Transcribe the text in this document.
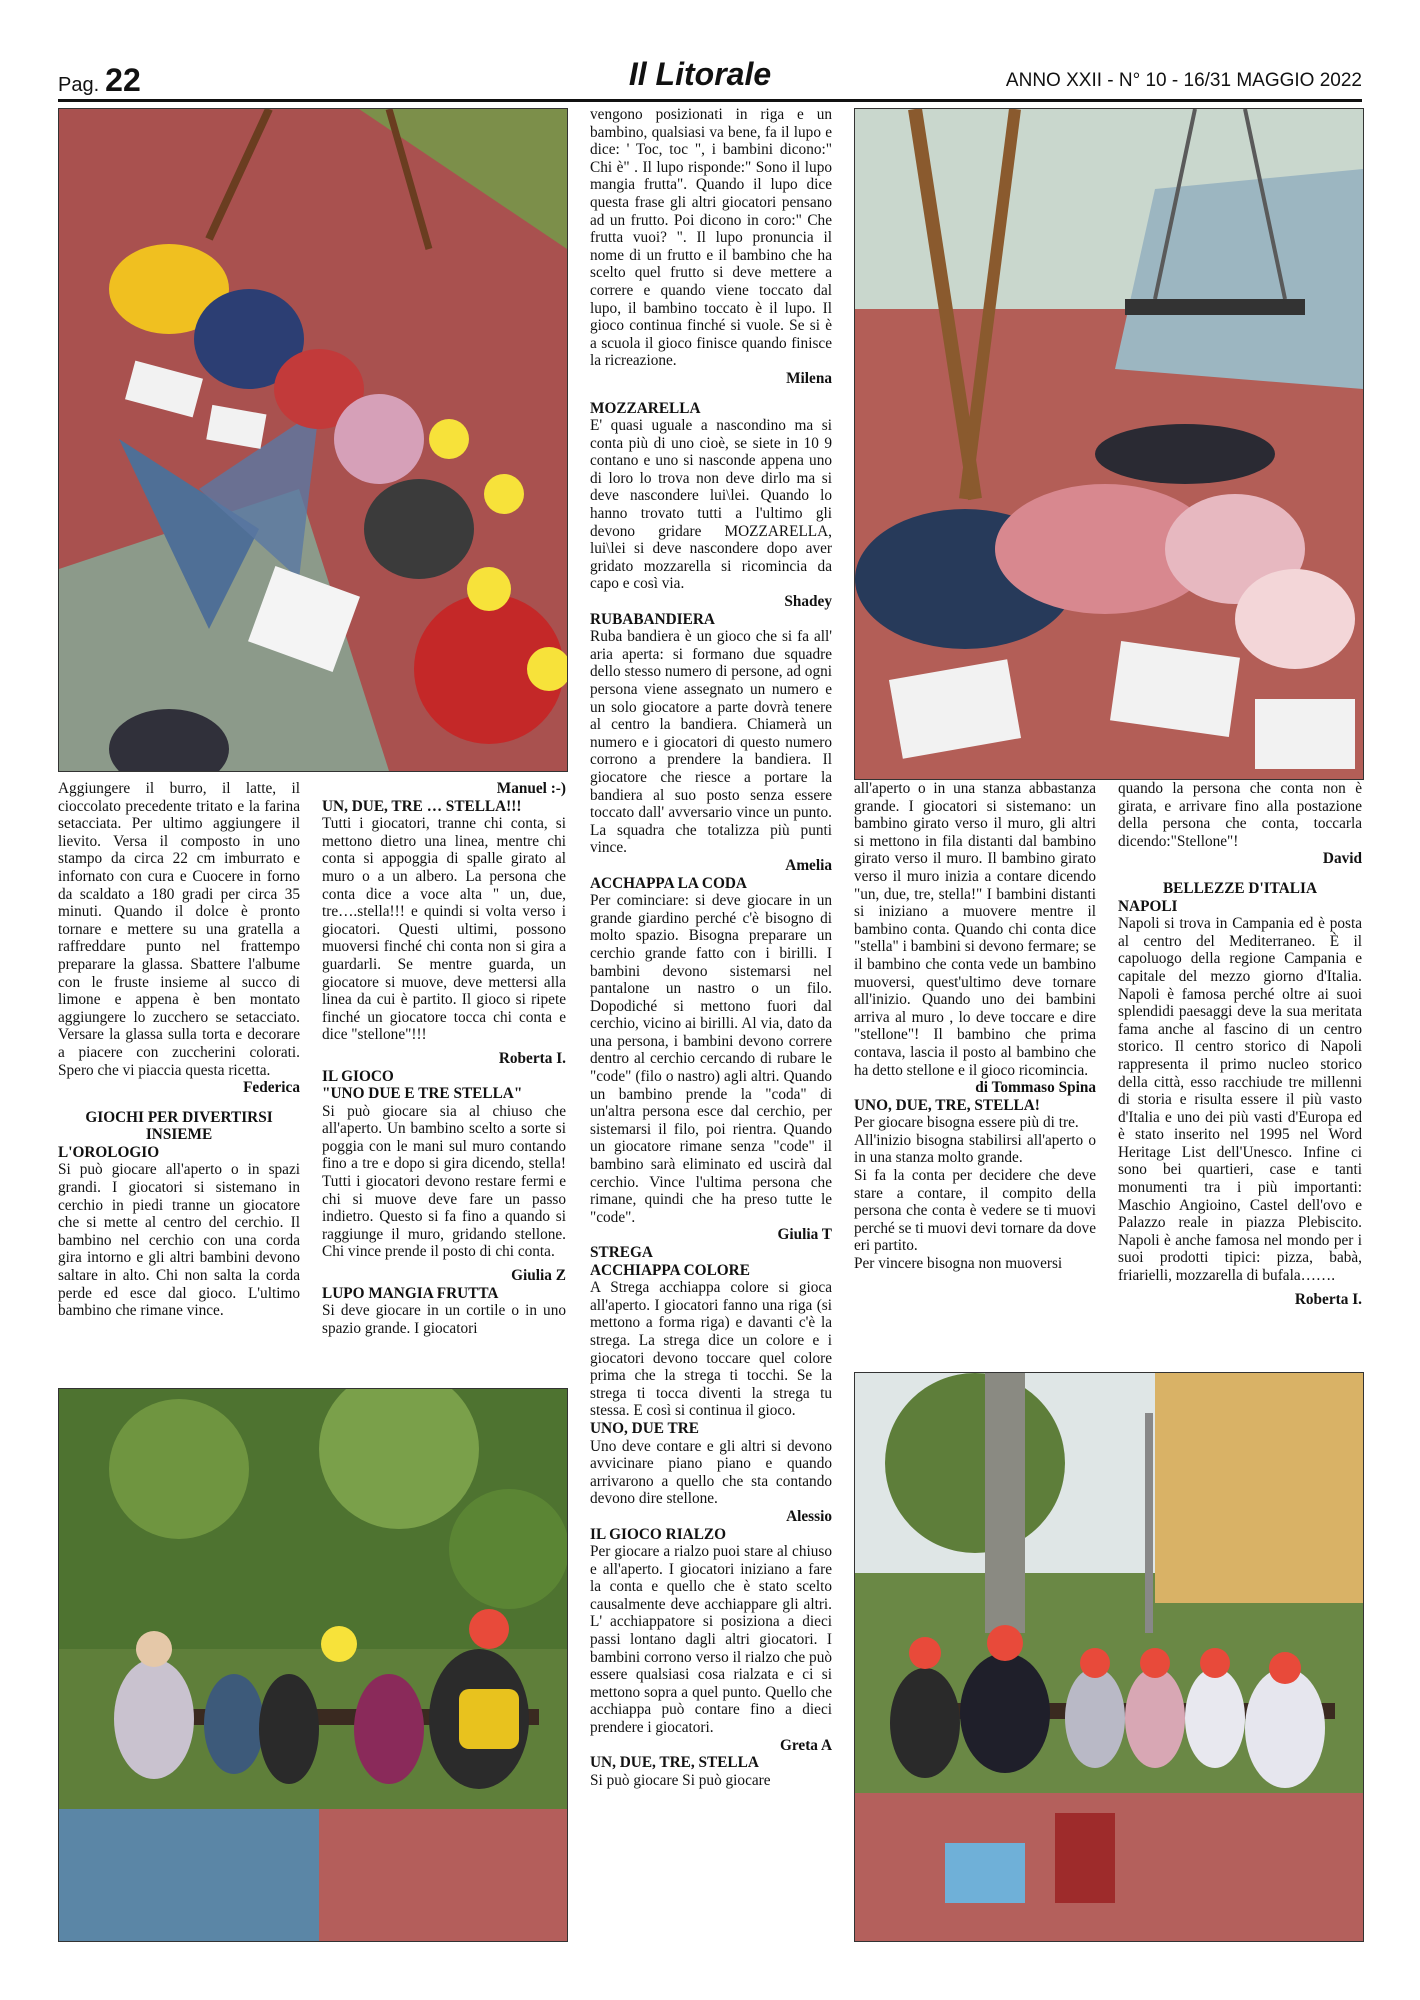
Pag. 22	Il Litorale	ANNO XXII - N° 10 - 16/31 MAGGIO 2022

Aggiungere il burro, il latte, il cioccolato precedente tritato e la farina setacciata. Per ultimo aggiungere il lievito. Versa il composto in uno stampo da circa 22 cm imburrato e infornato con cura e Cuocere in forno da scaldato a 180 gradi per circa 35 minuti. Quando il dolce è pronto tornare e mettere su una gratella a raffreddare punto nel frattempo preparare la glassa. Sbattere l'albume con le fruste insieme al succo di limone e appena è ben montato aggiungere lo zucchero se setacciato. Versare la glassa sulla torta e decorare a piacere con zuccherini colorati. Spero che vi piaccia questa ricetta.

Federica

GIOCHI PER DIVERTIRSI INSIEME

L'OROLOGIO

Si può giocare all'aperto o in spazi grandi. I giocatori si sistemano in cerchio in piedi tranne un giocatore che si mette al centro del cerchio. Il bambino nel cerchio con una corda gira intorno e gli altri bambini devono saltare in alto. Chi non salta la corda perde ed esce dal gioco. L'ultimo bambino che rimane vince.

Manuel :-)

UN, DUE, TRE … STELLA!!!

Tutti i giocatori, tranne chi conta, si mettono dietro una linea, mentre chi conta si appoggia di spalle girato al muro o a un albero. La persona che conta dice a voce alta " un, due, tre….stella!!! e quindi si volta verso i giocatori. Questi ultimi, possono muoversi finché chi conta non si gira a guardarli. Se mentre guarda, un giocatore si muove, deve mettersi alla linea da cui è partito. Il gioco si ripete finché un giocatore tocca chi conta e dice "stellone"!!!

Roberta I.

IL GIOCO

"UNO DUE E TRE STELLA"

Si può giocare sia al chiuso che all'aperto. Un bambino scelto a sorte si poggia con le mani sul muro contando fino a tre e dopo si gira dicendo, stella! Tutti i giocatori devono restare fermi e chi si muove deve fare un passo indietro. Questo si fa fino a quando si raggiunge il muro, gridando stellone. Chi vince prende il posto di chi conta.

Giulia Z

LUPO MANGIA FRUTTA

Si deve giocare in un cortile o in uno spazio grande. I giocatori

vengono posizionati in riga e un bambino, qualsiasi va bene, fa il lupo e dice: ' Toc, toc ", i bambini dicono:" Chi è" . Il lupo risponde:" Sono il lupo mangia frutta". Quando il lupo dice questa frase gli altri giocatori pensano ad un frutto. Poi dicono in coro:" Che frutta vuoi? ". Il lupo pronuncia il nome di un frutto e il bambino che ha scelto quel frutto si deve mettere a correre e quando viene toccato dal lupo, il bambino toccato è il lupo. Il gioco continua finché si vuole. Se si è a scuola il gioco finisce quando finisce la ricreazione.

Milena

MOZZARELLA

E' quasi uguale a nascondino ma si conta più di uno cioè, se siete in 10 9 contano e uno si nasconde appena uno di loro lo trova non deve dirlo ma si deve nascondere lui\lei. Quando lo hanno trovato tutti a l'ultimo gli devono gridare MOZZARELLA, lui\lei si deve nascondere dopo aver gridato mozzarella si ricomincia da capo e così via.

Shadey

RUBABANDIERA

Ruba bandiera è un gioco che si fa all' aria aperta: si formano due squadre dello stesso numero di persone, ad ogni persona viene assegnato un numero e un solo giocatore a parte dovrà tenere al centro la bandiera. Chiamerà un numero e i giocatori di questo numero corrono a prendere la bandiera. Il giocatore che riesce a portare la bandiera al suo posto senza essere toccato dall' avversario vince un punto. La squadra che totalizza più punti vince.

Amelia

ACCHAPPA LA CODA

Per cominciare: si deve giocare in un grande giardino perché c'è bisogno di molto spazio. Bisogna preparare un cerchio grande fatto con i birilli. I bambini devono sistemarsi nel pantalone un nastro o un filo. Dopodiché si mettono fuori dal cerchio, vicino ai birilli. Al via, dato da una persona, i bambini devono correre dentro al cerchio cercando di rubare le "code" (filo o nastro) agli altri. Quando un bambino prende la "coda" di un'altra persona esce dal cerchio, per sistemarsi il filo, poi rientra. Quando un giocatore rimane senza "code" il bambino sarà eliminato ed uscirà dal cerchio. Vince l'ultima persona che rimane, quindi che ha preso tutte le "code".

Giulia T

STREGA

ACCHIAPPA COLORE

A Strega acchiappa colore si gioca all'aperto. I giocatori fanno una riga (si mettono a forma riga) e davanti c'è la strega. La strega dice un colore e i giocatori devono toccare quel colore prima che la strega ti tocchi. Se la strega ti tocca diventi la strega tu stessa. E così si continua il gioco.

UNO, DUE TRE

Uno deve contare e gli altri si devono avvicinare piano piano e quando arrivarono a quello che sta contando devono dire stellone.

Alessio

IL GIOCO RIALZO

Per giocare a rialzo puoi stare al chiuso e all'aperto. I giocatori iniziano a fare la conta e quello che è stato scelto causalmente deve acchiappare gli altri. L' acchiappatore si posiziona a dieci passi lontano dagli altri giocatori. I bambini corrono verso il rialzo che può essere qualsiasi cosa rialzata e ci si mettono sopra a quel punto. Quello che acchiappa può contare fino a dieci prendere i giocatori.

Greta A

UN, DUE, TRE, STELLA

Si può giocare Si può giocare

all'aperto o in una stanza abbastanza grande. I giocatori si sistemano: un bambino girato verso il muro, gli altri si mettono in fila distanti dal bambino girato verso il muro. Il bambino girato verso il muro inizia a contare dicendo "un, due, tre, stella!" I bambini distanti si iniziano a muovere mentre il bambino conta. Quando chi conta dice "stella" i bambini si devono fermare; se il bambino che conta vede un bambino muoversi, quest'ultimo deve tornare all'inizio. Quando uno dei bambini arriva al muro , lo deve toccare e dire "stellone"! Il bambino che prima contava, lascia il posto al bambino che ha detto stellone e il gioco ricomincia.

di Tommaso Spina

UNO, DUE, TRE, STELLA!

Per giocare bisogna essere più di tre.

All'inizio bisogna stabilirsi all'aperto o in una stanza molto grande.

Si fa la conta per decidere che deve stare a contare, il compito della persona che conta è vedere se ti muovi perché se ti muovi devi tornare da dove eri partito.

Per vincere bisogna non muoversi

quando la persona che conta non è girata, e arrivare fino alla postazione della persona che conta, toccarla dicendo:"Stellone"!

David

BELLEZZE D'ITALIA

NAPOLI

Napoli si trova in Campania ed è posta al centro del Mediterraneo. È il capoluogo della regione Campania e capitale del mezzo giorno d'Italia. Napoli è famosa perché oltre ai suoi splendidi paesaggi deve la sua meritata fama anche al fascino di un centro storico. Il centro storico di Napoli rappresenta il primo nucleo storico della città, esso racchiude tre millenni di storia e risulta essere il più vasto d'Italia e uno dei più vasti d'Europa ed è stato inserito nel 1995 nel Word Heritage List dell'Unesco. Infine ci sono bei quartieri, case e tanti monumenti tra i più importanti: Maschio Angioino, Castel dell'ovo e Palazzo reale in piazza Plebiscito. Napoli è anche famosa nel mondo per i suoi prodotti tipici: pizza, babà, friarielli, mozzarella di bufala…….

Roberta I.
